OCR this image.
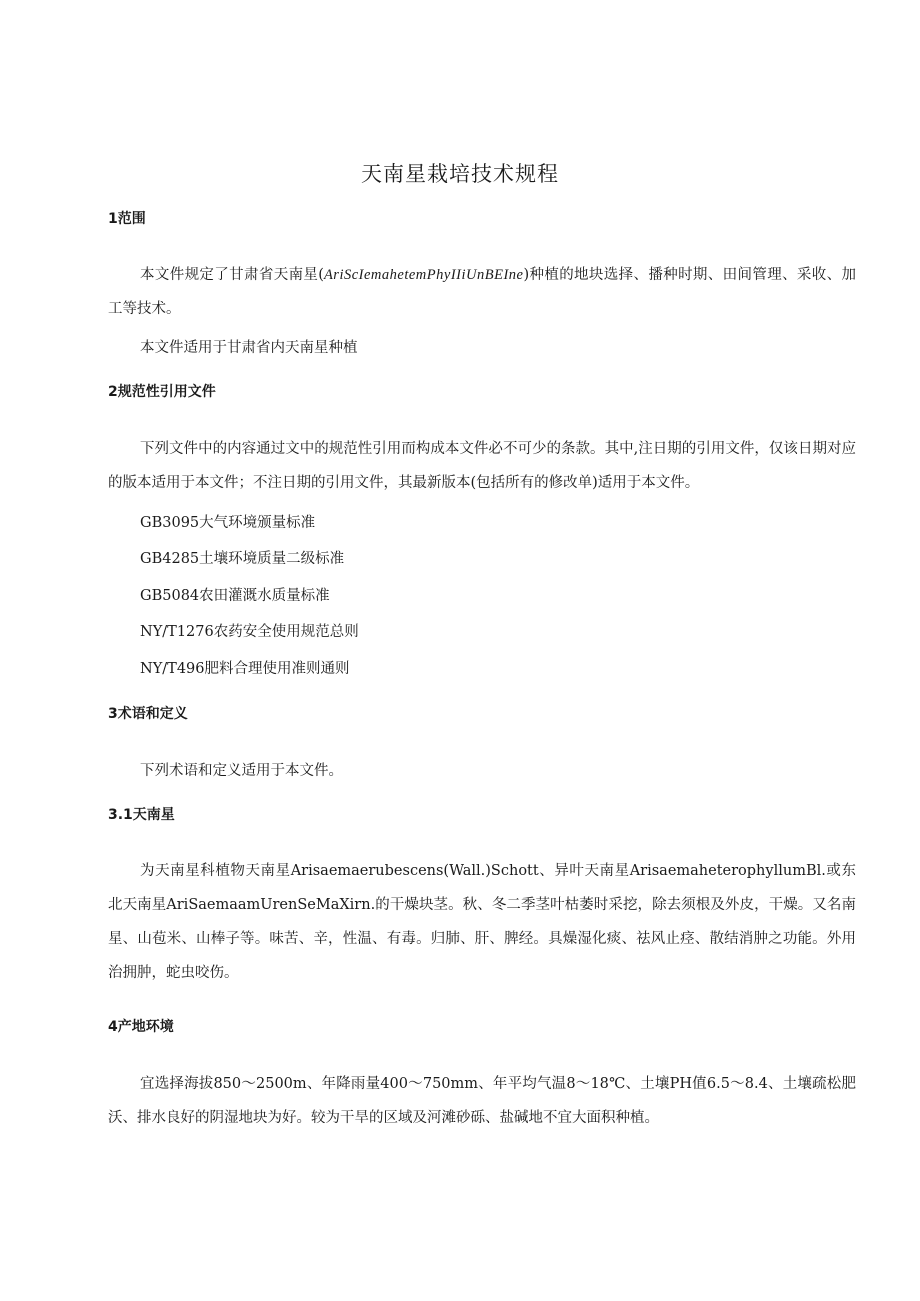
天南星栽培技术规程
1范围
本文件规定了甘肃省天南星(AriScIemahetemPhyIIiUnBEIne)种植的地块选择、播种时期、田间管理、采收、加工等技术。
本文件适用于甘肃省内天南星种植
2规范性引用文件
下列文件中的内容通过文中的规范性引用而构成本文件必不可少的条款。其中,注日期的引用文件，仅该日期对应的版本适用于本文件；不注日期的引用文件，其最新版本(包括所有的修改单)适用于本文件。
GB3095大气环境颁量标准
GB4285土壤环境质量二级标准
GB5084农田灌溉水质量标准
NY/T1276农药安全使用规范总则
NY/T496肥料合理使用准则通则
3术语和定义
下列术语和定义适用于本文件。
3.1天南星
为天南星科植物天南星Arisaemaerubescens(Wall.)Schott、异叶天南星ArisaemaheterophyllumBl.或东北天南星AriSaemaamUrenSeMaXirn.的干燥块茎。秋、冬二季茎叶枯萎时采挖，除去须根及外皮，干燥。又名南星、山苞米、山棒子等。味苦、辛，性温、有毒。归肺、肝、脾经。具燥湿化痰、祛风止痉、散结消肿之功能。外用治拥肿，蛇虫咬伤。
4产地环境
宜选择海拔850～2500m、年降雨量400～750mm、年平均气温8～18℃、土壤PH值6.5～8.4、土壤疏松肥沃、排水良好的阴湿地块为好。较为干旱的区域及河滩砂砾、盐碱地不宜大面积种植。
